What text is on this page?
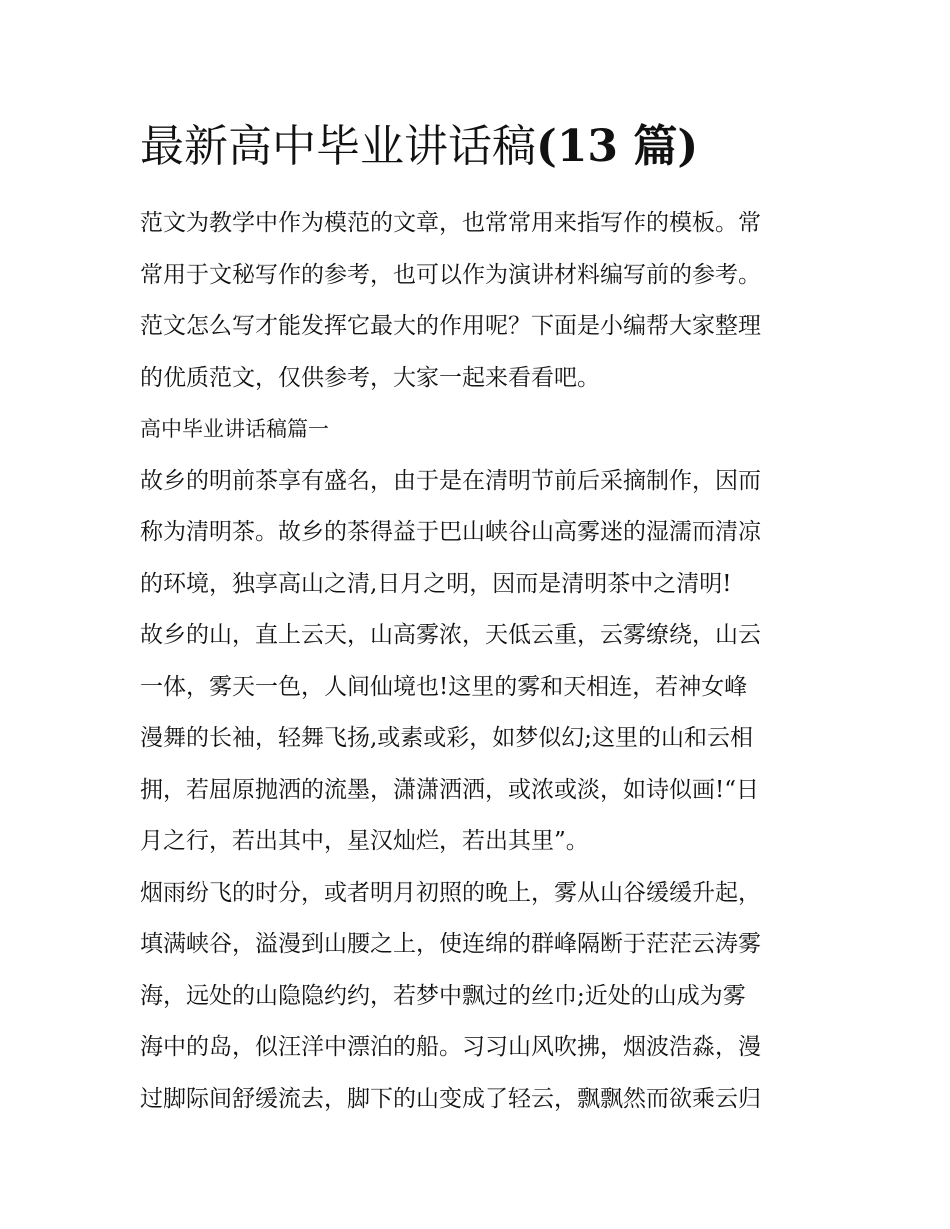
最新高中毕业讲话稿(13 篇)

范文为教学中作为模范的文章，也常常用来指写作的模板。常

常用于文秘写作的参考，也可以作为演讲材料编写前的参考。

范文怎么写才能发挥它最大的作用呢？下面是小编帮大家整理

的优质范文，仅供参考，大家一起来看看吧。

高中毕业讲话稿篇一

故乡的明前茶享有盛名，由于是在清明节前后采摘制作，因而

称为清明茶。故乡的茶得益于巴山峡谷山高雾迷的湿濡而清凉

的环境，独享高山之清,日月之明，因而是清明茶中之清明!

故乡的山，直上云天，山高雾浓，天低云重，云雾缭绕，山云

一体，雾天一色，人间仙境也!这里的雾和天相连，若神女峰

漫舞的长袖，轻舞飞扬,或素或彩，如梦似幻;这里的山和云相

拥，若屈原抛洒的流墨，潇潇洒洒，或浓或淡，如诗似画!“日

月之行，若出其中，星汉灿烂，若出其里”。

烟雨纷飞的时分，或者明月初照的晚上，雾从山谷缓缓升起，

填满峡谷，溢漫到山腰之上，使连绵的群峰隔断于茫茫云涛雾

海，远处的山隐隐约约，若梦中飘过的丝巾;近处的山成为雾

海中的岛，似汪洋中漂泊的船。习习山风吹拂，烟波浩淼，漫

过脚际间舒缓流去，脚下的山变成了轻云，飘飘然而欲乘云归
